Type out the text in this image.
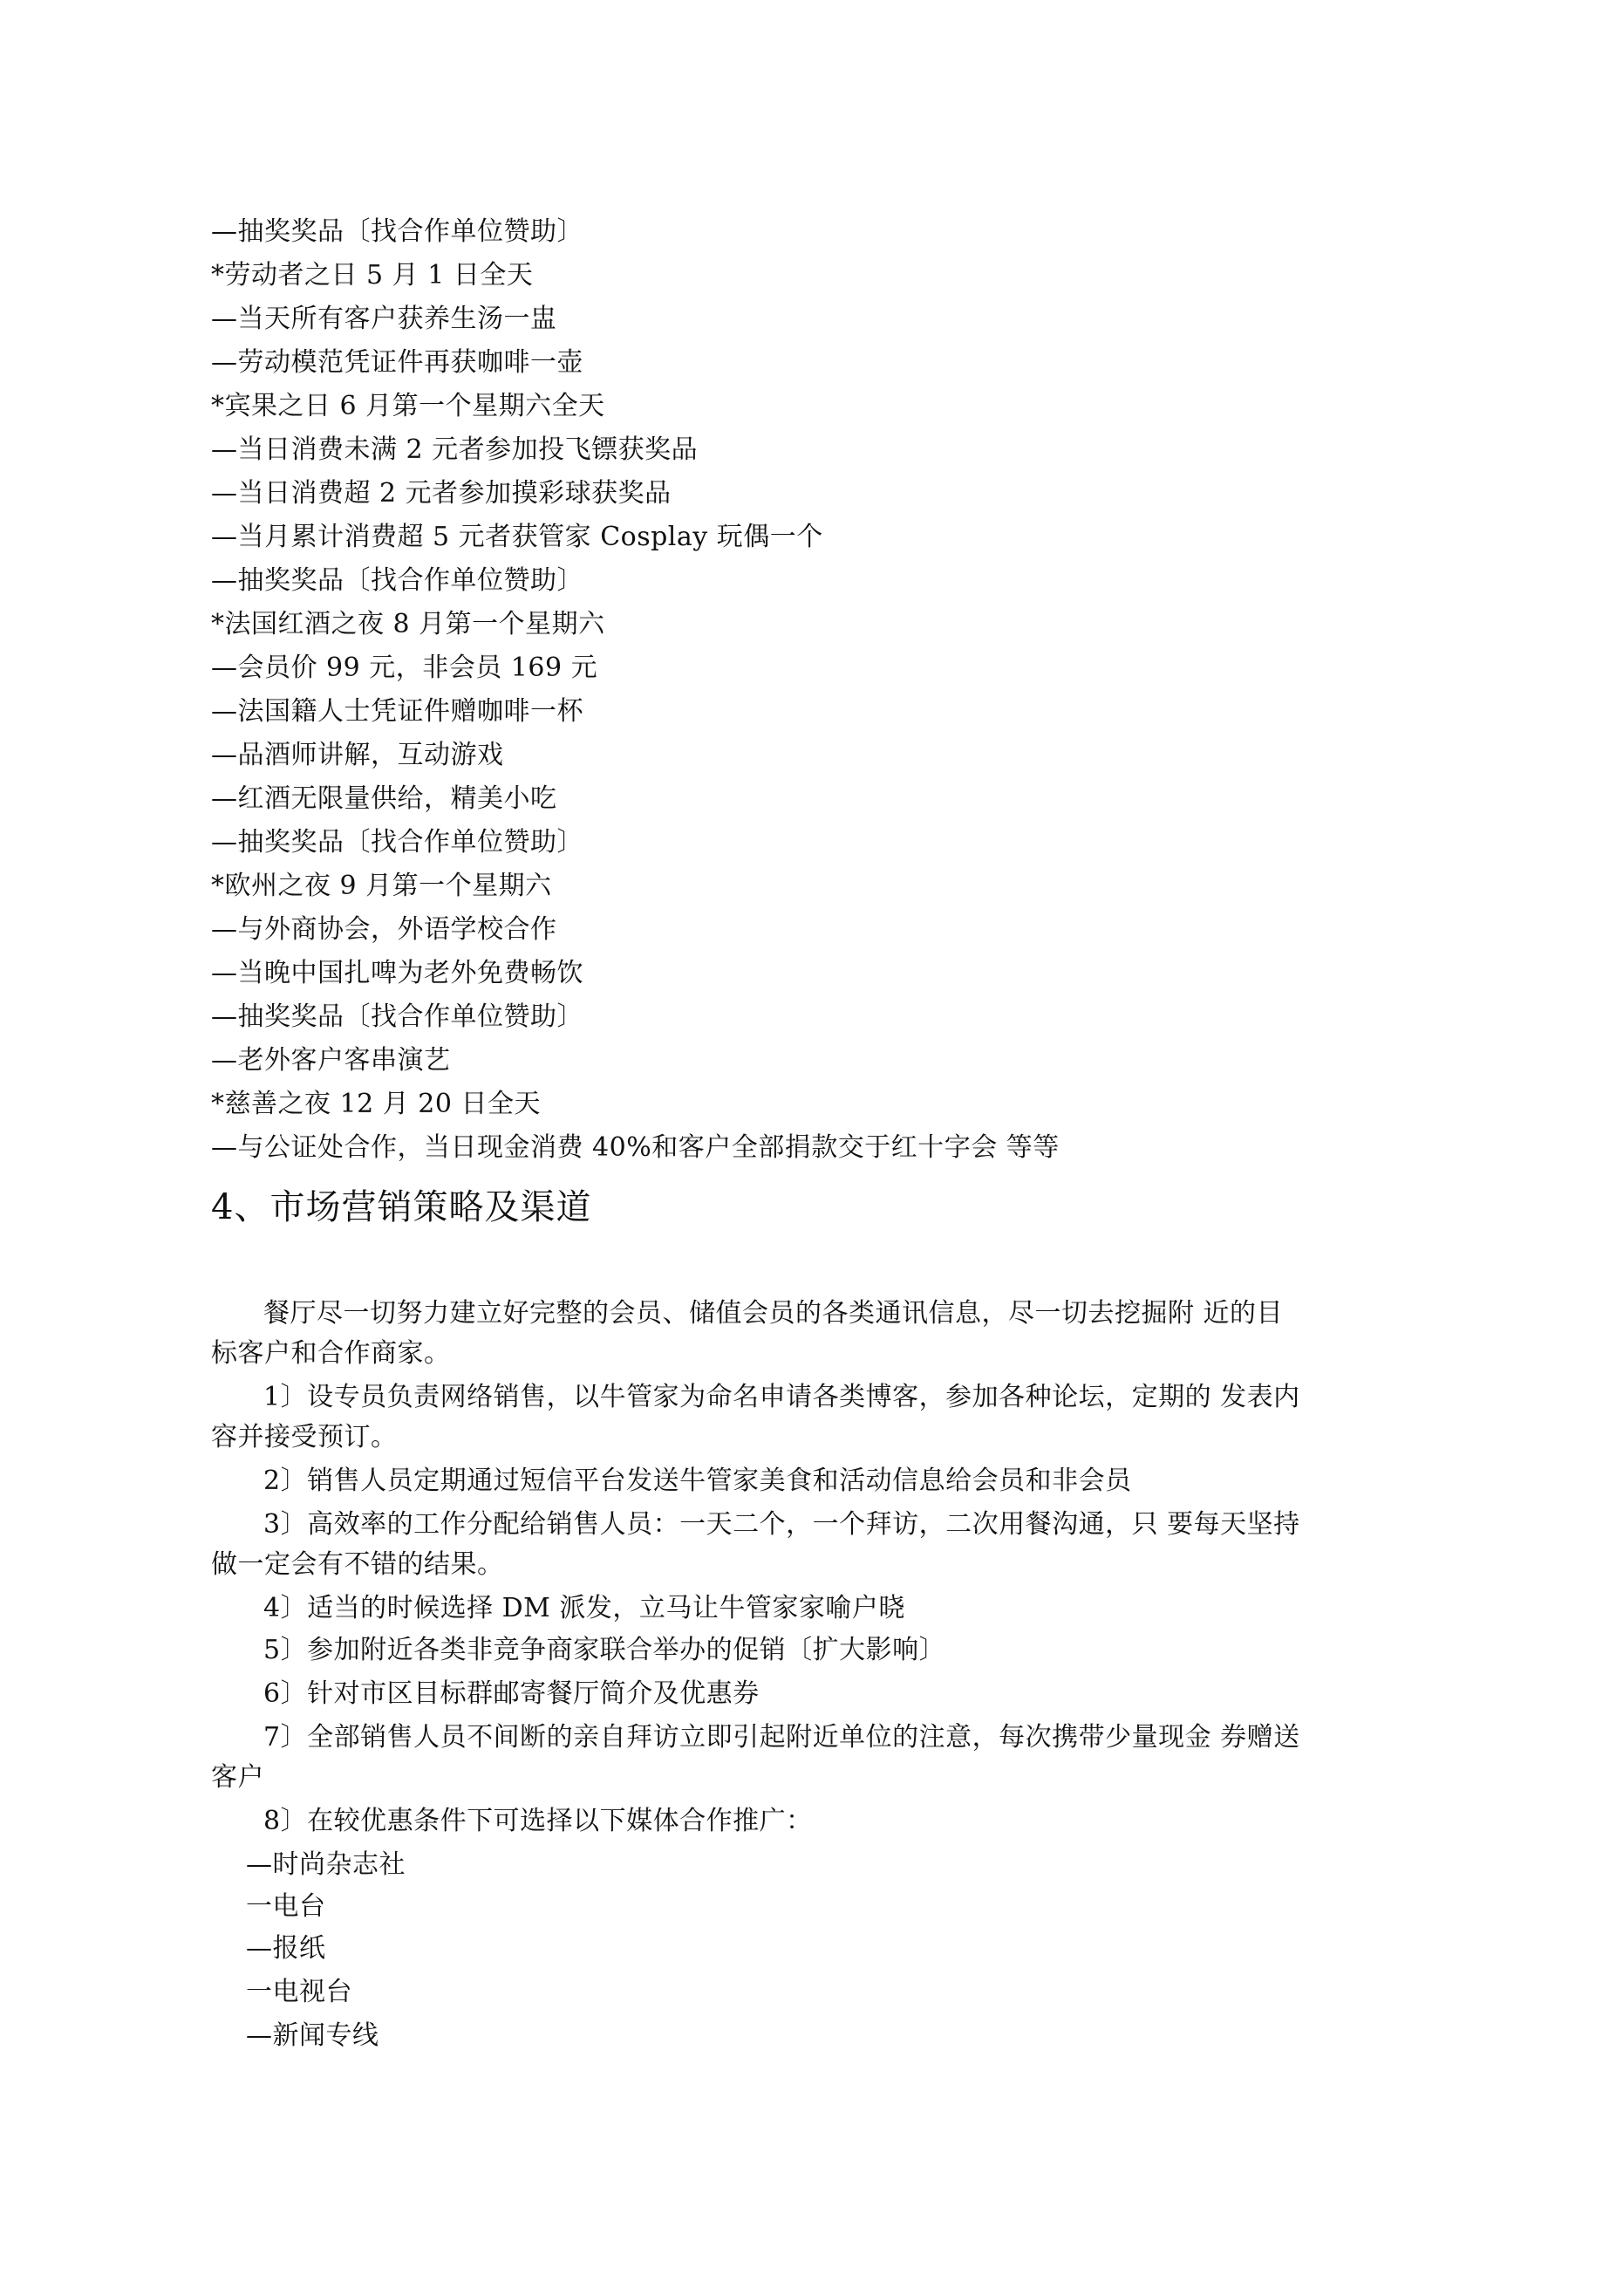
—抽奖奖品〔找合作单位赞助〕
*劳动者之日 5 月 1 日全天
—当天所有客户获养生汤一盅
—劳动模范凭证件再获咖啡一壶
*宾果之日 6 月第一个星期六全天
—当日消费未满 2 元者参加投飞镖获奖品
—当日消费超 2 元者参加摸彩球获奖品
—当月累计消费超 5 元者获管家 Cosplay 玩偶一个
—抽奖奖品〔找合作单位赞助〕
*法国红酒之夜 8 月第一个星期六
—会员价 99 元，非会员 169 元
—法国籍人士凭证件赠咖啡一杯
—品酒师讲解，互动游戏
—红酒无限量供给，精美小吃
—抽奖奖品〔找合作单位赞助〕
*欧州之夜 9 月第一个星期六
—与外商协会，外语学校合作
—当晚中国扎啤为老外免费畅饮
—抽奖奖品〔找合作单位赞助〕
—老外客户客串演艺
*慈善之夜 12 月 20 日全天
—与公证处合作，当日现金消费 40%和客户全部捐款交于红十字会 等等
4、市场营销策略及渠道
餐厅尽一切努力建立好完整的会员、储值会员的各类通讯信息，尽一切去挖掘附 近的目
标客户和合作商家。
1〕设专员负责网络销售，以牛管家为命名申请各类博客，参加各种论坛，定期的 发表内
容并接受预订。
2〕销售人员定期通过短信平台发送牛管家美食和活动信息给会员和非会员
3〕高效率的工作分配给销售人员：一天二个，一个拜访，二次用餐沟通，只 要每天坚持
做一定会有不错的结果。
4〕适当的时候选择 DM 派发，立马让牛管家家喻户晓
5〕参加附近各类非竞争商家联合举办的促销〔扩大影响〕
6〕针对市区目标群邮寄餐厅简介及优惠券
7〕全部销售人员不间断的亲自拜访立即引起附近单位的注意，每次携带少量现金 券赠送
客户
8〕在较优惠条件下可选择以下媒体合作推广：
—时尚杂志社
一电台
—报纸
一电视台
—新闻专线
